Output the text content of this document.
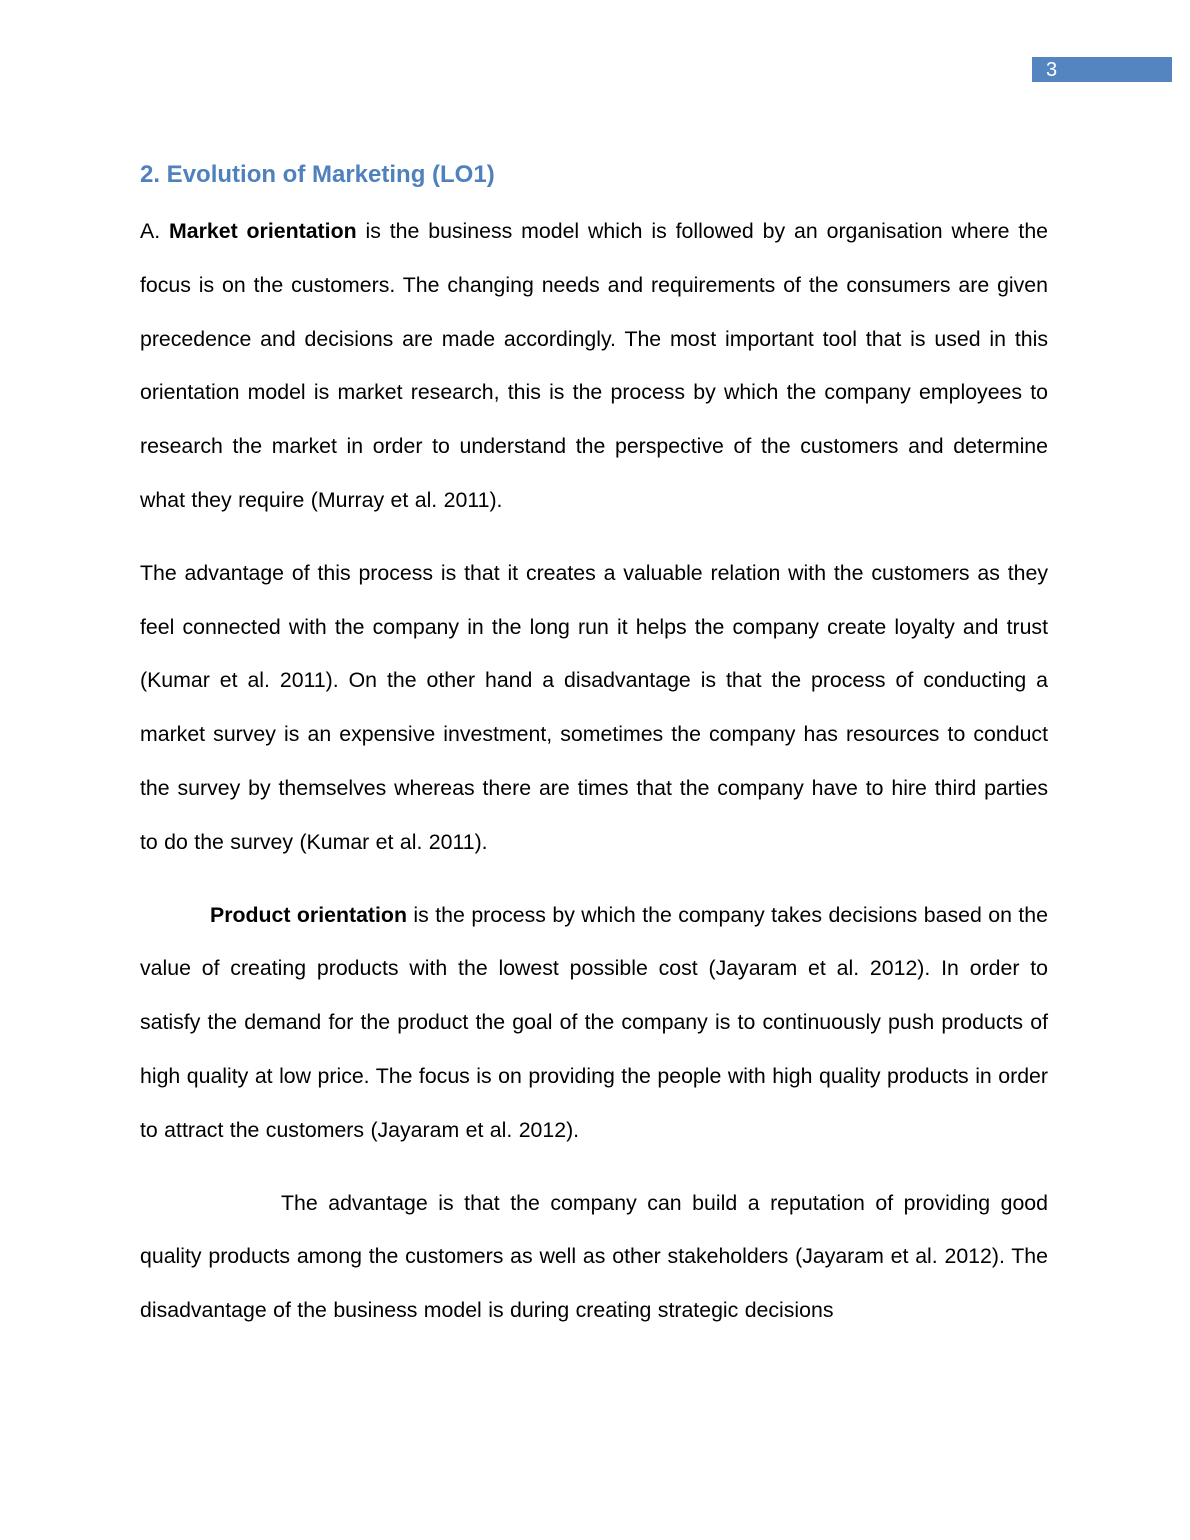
3
2. Evolution of Marketing (LO1)

A. Market orientation is the business model which is followed by an organisation where the focus is on the customers. The changing needs and requirements of the consumers are given precedence and decisions are made accordingly. The most important tool that is used in this orientation model is market research, this is the process by which the company employees to research the market in order to understand the perspective of the customers and determine what they require (Murray et al. 2011).

The advantage of this process is that it creates a valuable relation with the customers as they feel connected with the company in the long run it helps the company create loyalty and trust (Kumar et al. 2011). On the other hand a disadvantage is that the process of conducting a market survey is an expensive investment, sometimes the company has resources to conduct the survey by themselves whereas there are times that the company have to hire third parties to do the survey (Kumar et al. 2011).

Product orientation is the process by which the company takes decisions based on the value of creating products with the lowest possible cost (Jayaram et al. 2012). In order to satisfy the demand for the product the goal of the company is to continuously push products of high quality at low price. The focus is on providing the people with high quality products in order to attract the customers (Jayaram et al. 2012).

The advantage is that the company can build a reputation of providing good quality products among the customers as well as other stakeholders (Jayaram et al. 2012). The disadvantage of the business model is during creating strategic decisions
